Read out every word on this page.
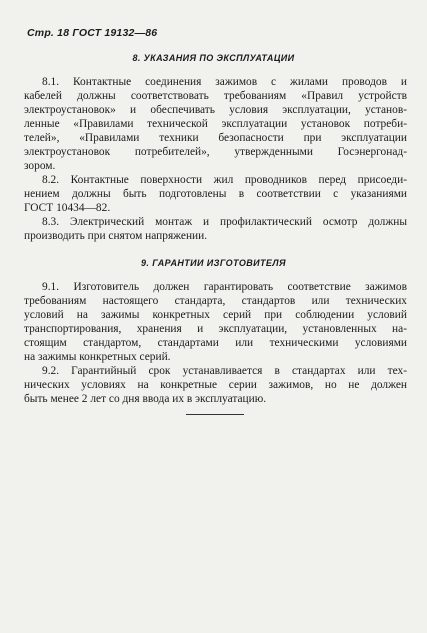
Стр. 18 ГОСТ 19132—86
8. УКАЗАНИЯ ПО ЭКСПЛУАТАЦИИ
8.1. Контактные соединения зажимов с жилами проводов и
кабелей должны соответствовать требованиям «Правил устройств
электроустановок» и обеспечивать условия эксплуатации, установ-
ленные «Правилами технической эксплуатации установок потреби-
телей», «Правилами техники безопасности при эксплуатации
электроустановок потребителей», утвержденными Госэнергонад-
зором.
8.2. Контактные поверхности жил проводников перед присоеди-
нением должны быть подготовлены в соответствии с указаниями
ГОСТ 10434—82.
8.3. Электрический монтаж и профилактический осмотр должны
производить при снятом напряжении.
9. ГАРАНТИИ ИЗГОТОВИТЕЛЯ
9.1. Изготовитель должен гарантировать соответствие зажимов
требованиям настоящего стандарта, стандартов или технических
условий на зажимы конкретных серий при соблюдении условий
транспортирования, хранения и эксплуатации, установленных на-
стоящим стандартом, стандартами или техническими условиями
на зажимы конкретных серий.
9.2. Гарантийный срок устанавливается в стандартах или тех-
нических условиях на конкретные серии зажимов, но не должен
быть менее 2 лет со дня ввода их в эксплуатацию.
